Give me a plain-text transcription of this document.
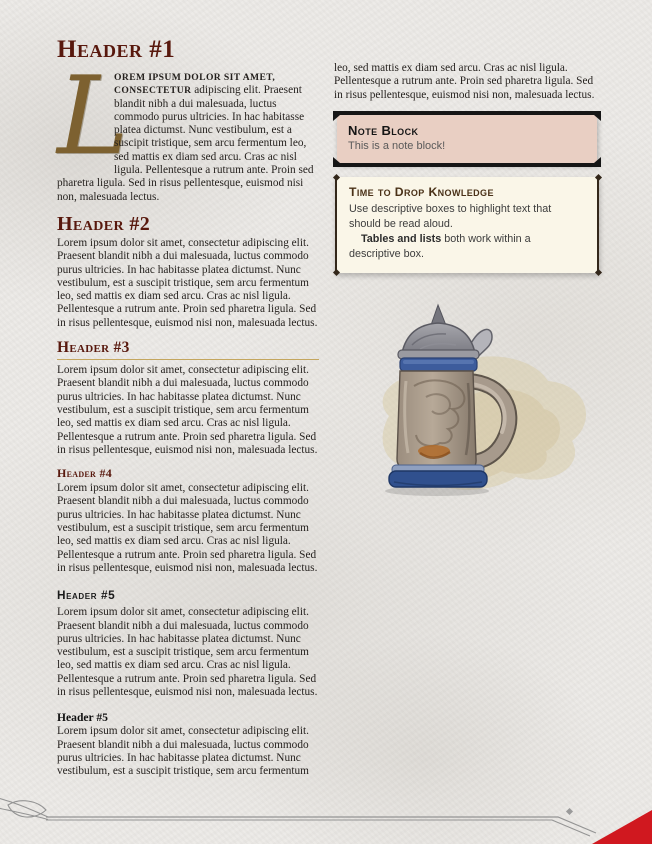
Header #1

L
OREM IPSUM DOLOR SIT AMET, CONSECTETUR adipiscing elit. Praesent blandit nibh a dui malesuada, luctus commodo purus ultricies. In hac habitasse platea dictumst. Nunc vestibulum, est a suscipit tristique, sem arcu fermentum leo, sed mattis ex diam sed arcu. Cras ac nisl ligula. Pellentesque a rutrum ante. Proin sed pharetra ligula. Sed in risus pellentesque, euismod nisi non, malesuada lectus.

Header #2

Lorem ipsum dolor sit amet, consectetur adipiscing elit. Praesent blandit nibh a dui malesuada, luctus commodo purus ultricies. In hac habitasse platea dictumst. Nunc vestibulum, est a suscipit tristique, sem arcu fermentum leo, sed mattis ex diam sed arcu. Cras ac nisl ligula. Pellentesque a rutrum ante. Proin sed pharetra ligula. Sed in risus pellentesque, euismod nisi non, malesuada lectus.

Header #3

Lorem ipsum dolor sit amet, consectetur adipiscing elit. Praesent blandit nibh a dui malesuada, luctus commodo purus ultricies. In hac habitasse platea dictumst. Nunc vestibulum, est a suscipit tristique, sem arcu fermentum leo, sed mattis ex diam sed arcu. Cras ac nisl ligula. Pellentesque a rutrum ante. Proin sed pharetra ligula. Sed in risus pellentesque, euismod nisi non, malesuada lectus.

Header #4

Lorem ipsum dolor sit amet, consectetur adipiscing elit. Praesent blandit nibh a dui malesuada, luctus commodo purus ultricies. In hac habitasse platea dictumst. Nunc vestibulum, est a suscipit tristique, sem arcu fermentum leo, sed mattis ex diam sed arcu. Cras ac nisl ligula. Pellentesque a rutrum ante. Proin sed pharetra ligula. Sed in risus pellentesque, euismod nisi non, malesuada lectus.

Header #5

Lorem ipsum dolor sit amet, consectetur adipiscing elit. Praesent blandit nibh a dui malesuada, luctus commodo purus ultricies. In hac habitasse platea dictumst. Nunc vestibulum, est a suscipit tristique, sem arcu fermentum leo, sed mattis ex diam sed arcu. Cras ac nisl ligula. Pellentesque a rutrum ante. Proin sed pharetra ligula. Sed in risus pellentesque, euismod nisi non, malesuada lectus.

Header #5

Lorem ipsum dolor sit amet, consectetur adipiscing elit. Praesent blandit nibh a dui malesuada, luctus commodo purus ultricies. In hac habitasse platea dictumst. Nunc vestibulum, est a suscipit tristique, sem arcu fermentum

leo, sed mattis ex diam sed arcu. Cras ac nisl ligula. Pellentesque a rutrum ante. Proin sed pharetra ligula. Sed in risus pellentesque, euismod nisi non, malesuada lectus.

Note Block
This is a note block!
Time to Drop Knowledge

Use descriptive boxes to highlight text that should be read aloud.

Tables and lists both work within a descriptive box.
